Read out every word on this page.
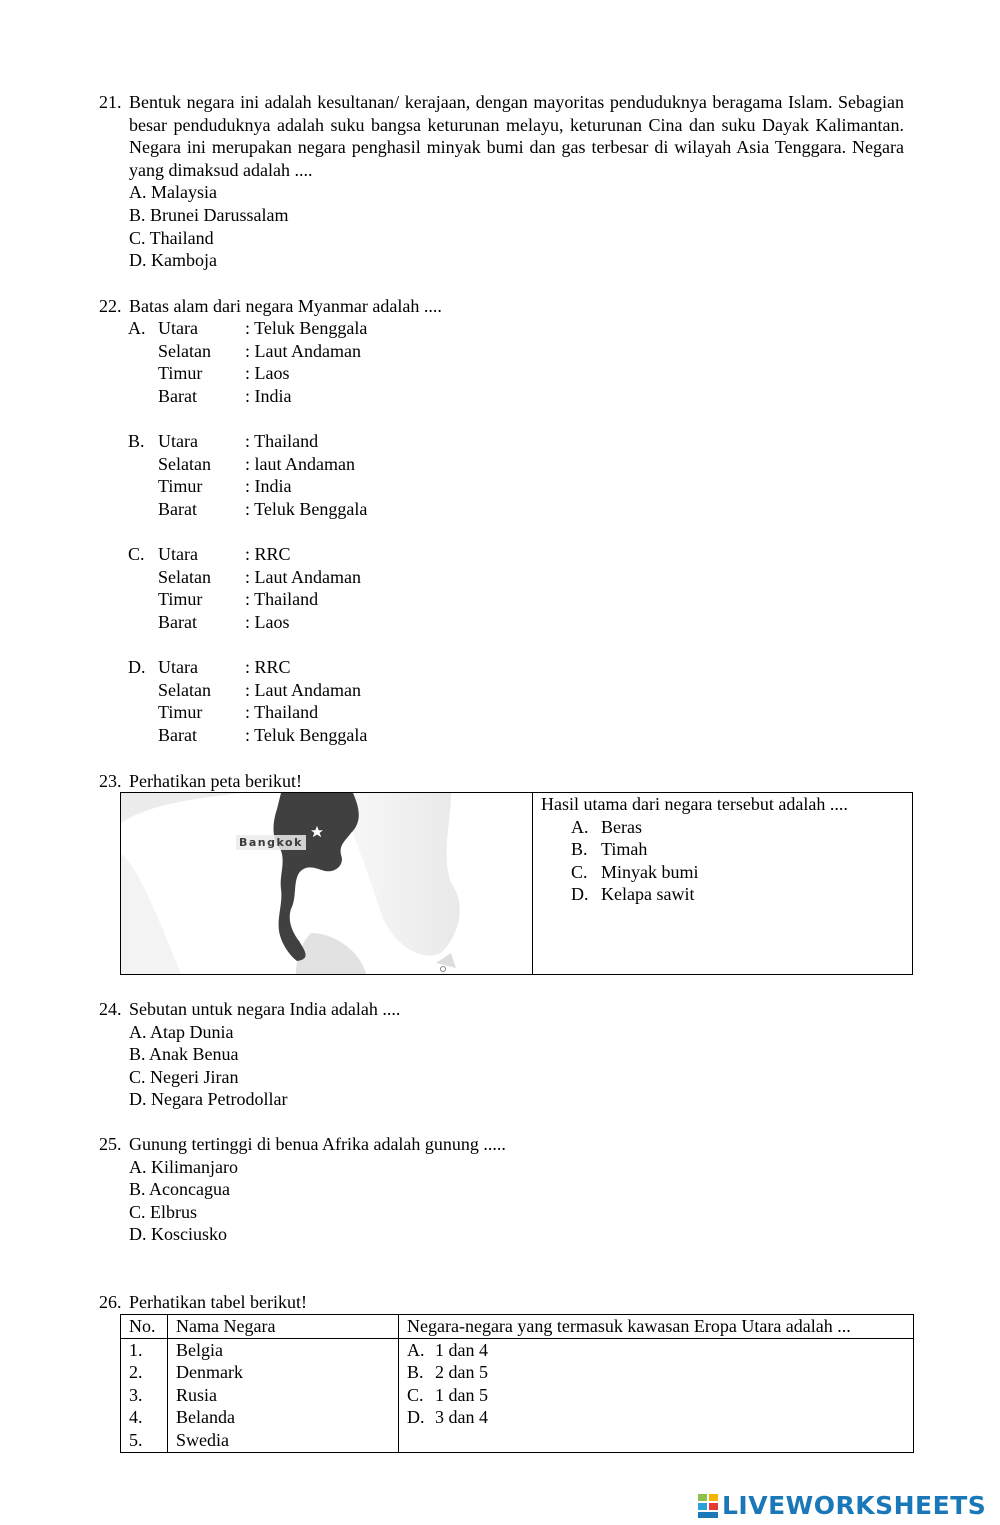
21. Bentuk negara ini adalah kesultanan/ kerajaan, dengan mayoritas penduduknya beragama Islam. Sebagian besar penduduknya adalah suku bangsa keturunan melayu, keturunan Cina dan suku Dayak Kalimantan. Negara ini merupakan negara penghasil minyak bumi dan gas terbesar di wilayah Asia Tenggara. Negara yang dimaksud adalah ....
A. Malaysia
B. Brunei Darussalam
C. Thailand
D. Kamboja
22. Batas alam dari negara Myanmar adalah ....
A. Utara	: Teluk Benggala
Selatan : Laut Andaman
Timur : Laos
Barat	: India
B. Utara	: Thailand
Selatan : laut Andaman
Timur : India
Barat	: Teluk Benggala
C. Utara	: RRC
Selatan : Laut Andaman
Timur : Thailand
Barat	: Laos
D. Utara	: RRC
Selatan : Laut Andaman
Timur : Thailand
Barat	: Teluk Benggala
23. Perhatikan peta berikut!
Bangkok
Hasil utama dari negara tersebut adalah ....
A. Beras
B. Timah
C. Minyak bumi
D. Kelapa sawit
24. Sebutan untuk negara India adalah ....
A. Atap Dunia
B. Anak Benua
C. Negeri Jiran
D. Negara Petrodollar
25. Gunung tertinggi di benua Afrika adalah gunung .....
A. Kilimanjaro
B. Aconcagua
C. Elbrus
D. Kosciusko
26. Perhatikan tabel berikut!
No.	Nama Negara	Negara-negara yang termasuk kawasan Eropa Utara adalah ...
1.	Belgia	A. 1 dan 4
2.	Denmark	B. 2 dan 5
3.	Rusia	C. 1 dan 5
4.	Belanda	D. 3 dan 4
5.	Swedia	
LIVEWORKSHEETS
